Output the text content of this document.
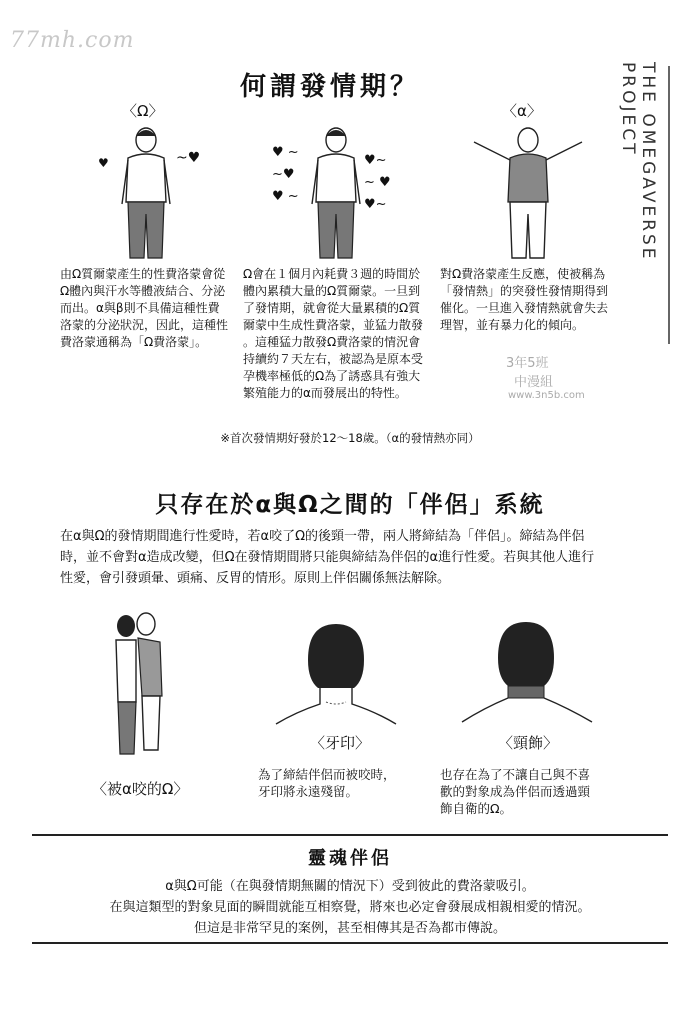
77mh.com
THE OMEGAVERSE PROJECT
何謂發情期？
〈Ω〉	〈α〉
♥	~♥	♥ ~
~♥
♥ ~
♥~
~ ♥
♥~
由Ω質爾蒙產生的性費洛蒙會從
Ω體內與汗水等體液結合、分泌
而出。α與β則不具備這種性費
洛蒙的分泌狀況，因此，這種性
費洛蒙通稱為「Ω費洛蒙」。
Ω會在１個月內耗費３週的時間於
體內累積大量的Ω質爾蒙。一旦到
了發情期，就會從大量累積的Ω質
爾蒙中生成性費洛蒙，並猛力散發
。這種猛力散發Ω費洛蒙的情況會
持續約７天左右，被認為是原本受
孕機率極低的Ω為了誘惑具有強大
繁殖能力的α而發展出的特性。
對Ω費洛蒙產生反應，使被稱為
「發情熱」的突發性發情期得到
催化。一旦進入發情熱就會失去
理智，並有暴力化的傾向。
3年5班
中漫組
www.3n5b.com
※首次發情期好發於12～18歲。（α的發情熱亦同）
只存在於α與Ω之間的「伴侶」系統
在α與Ω的發情期間進行性愛時，若α咬了Ω的後頸一帶，兩人將締結為「伴侶」。締結為伴侶
時，並不會對α造成改變，但Ω在發情期間將只能與締結為伴侶的α進行性愛。若與其他人進行
性愛，會引發頭暈、頭痛、反胃的情形。原則上伴侶關係無法解除。
〈被α咬的Ω〉
〈牙印〉
為了締結伴侶而被咬時，
牙印將永遠殘留。
〈頸飾〉
也存在為了不讓自己與不喜
歡的對象成為伴侶而透過頸
飾自衛的Ω。
靈魂伴侶
α與Ω可能（在與發情期無關的情況下）受到彼此的費洛蒙吸引。
在與這類型的對象見面的瞬間就能互相察覺，將來也必定會發展成相親相愛的情況。
但這是非常罕見的案例，甚至相傳其是否為都市傳說。
